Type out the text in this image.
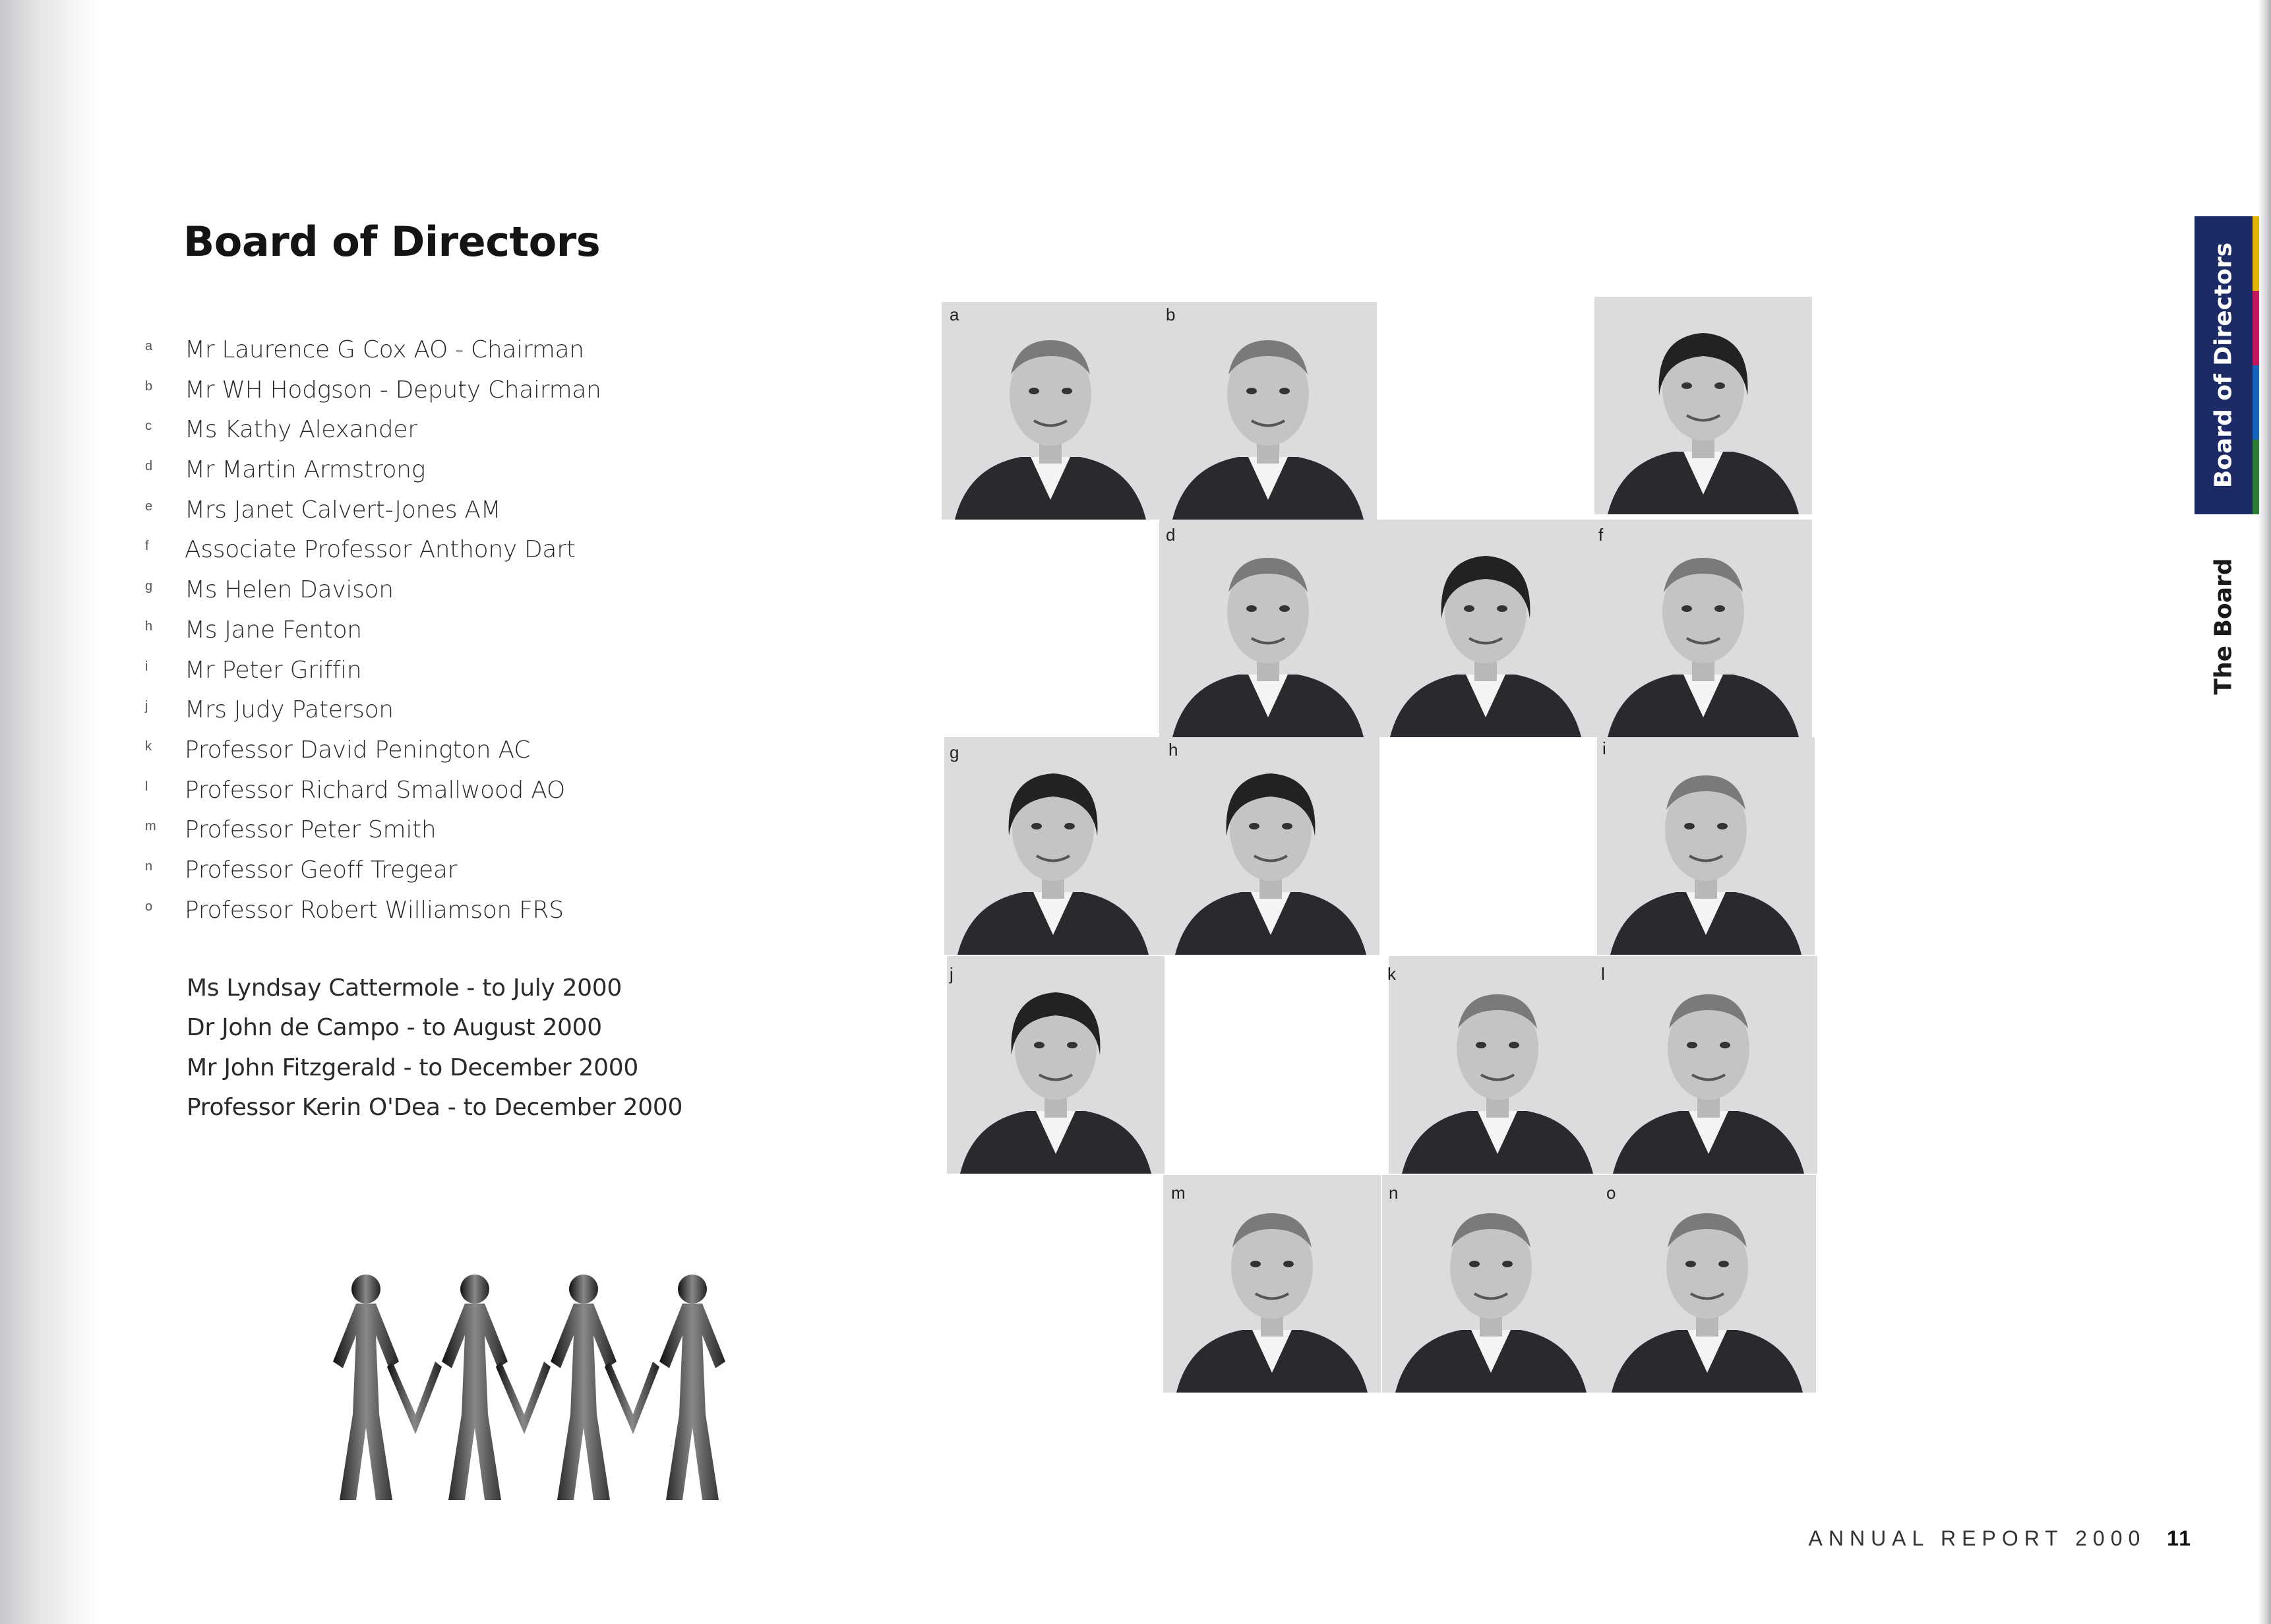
Board of Directors
a	Mr Laurence G Cox AO - Chairman
b	Mr WH Hodgson - Deputy Chairman
c	Ms Kathy Alexander
d	Mr Martin Armstrong
e	Mrs Janet Calvert-Jones AM
f	Associate Professor Anthony Dart
g	Ms Helen Davison
h	Ms Jane Fenton
i	Mr Peter Griffin
j	Mrs Judy Paterson
k	Professor David Penington AC
l	Professor Richard Smallwood AO
m	Professor Peter Smith
n	Professor Geoff Tregear
o	Professor Robert Williamson FRS
Ms Lyndsay Cattermole - to July 2000
Dr John de Campo - to August 2000
Mr John Fitzgerald - to December 2000
Professor Kerin O'Dea - to December 2000
Board of Directors
The Board
ANNUAL REPORT 2000 11
a	b
d	f
g	h	i
j	k	l
m	n	o
